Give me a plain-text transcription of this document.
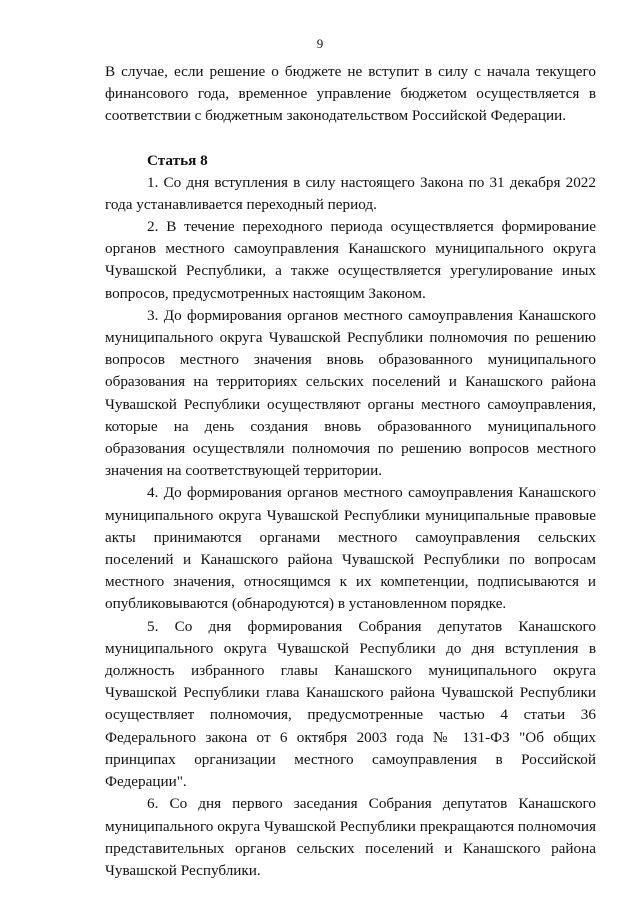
9

В случае, если решение о бюджете не вступит в силу с начала текущего финансового года, временное управление бюджетом осуществляется в соответствии с бюджетным законодательством Российской Федерации.

Статья 8

1. Со дня вступления в силу настоящего Закона по 31 декабря 2022 года устанавливается переходный период.

2. В течение переходного периода осуществляется формирование органов местного самоуправления Канашского муниципального округа Чувашской Республики, а также осуществляется урегулирование иных вопросов, предусмотренных настоящим Законом.

3. До формирования органов местного самоуправления Канашского муниципального округа Чувашской Республики полномочия по решению вопросов местного значения вновь образованного муниципального образования на территориях сельских поселений и Канашского района Чувашской Республики осуществляют органы местного самоуправления, которые на день создания вновь образованного муниципального образования осуществляли полномочия по решению вопросов местного значения на соответствующей территории.

4. До формирования органов местного самоуправления Канашского муниципального округа Чувашской Республики муниципальные правовые акты принимаются органами местного самоуправления сельских поселений и Канашского района Чувашской Республики по вопросам местного значения, относящимся к их компетенции, подписываются и опубликовываются (обнародуются) в установленном порядке.

5. Со дня формирования Собрания депутатов Канашского муниципального округа Чувашской Республики до дня вступления в должность избранного главы Канашского муниципального округа Чувашской Республики глава Канашского района Чувашской Республики осуществляет полномочия, предусмотренные частью 4 статьи 36 Федерального закона от 6 октября 2003 года № 131-ФЗ "Об общих принципах организации местного самоуправления в Российской Федерации".

6. Со дня первого заседания Собрания депутатов Канашского муниципального округа Чувашской Республики прекращаются полномочия представительных органов сельских поселений и Канашского района Чувашской Республики.
